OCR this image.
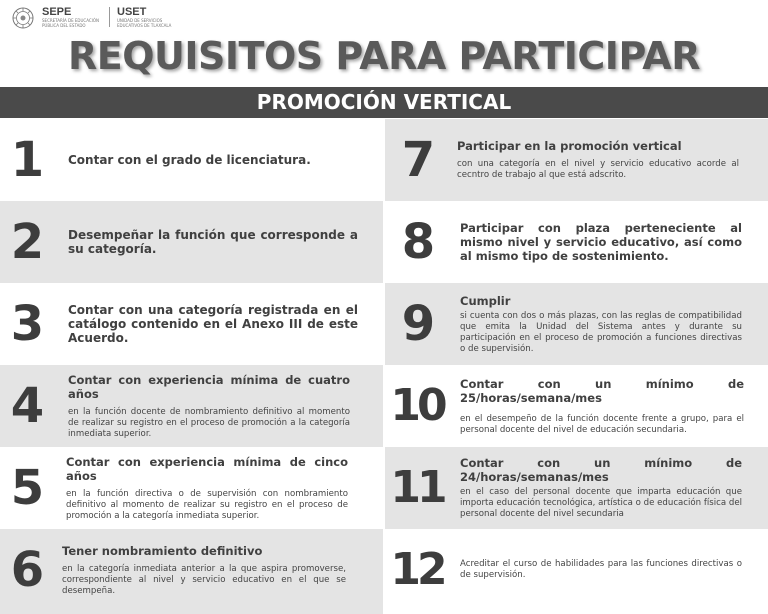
SEPE
SECRETARÍA DE EDUCACIÓN PÚBLICA DEL ESTADO
USET
UNIDAD DE SERVICIOS EDUCATIVOS DE TLAXCALA
REQUISITOS PARA PARTICIPAR
PROMOCIÓN VERTICAL
1	Contar con el grado de licenciatura.
2	Desempeñar la función que corresponde a su categoría.
3	Contar con una categoría registrada en el catálogo contenido en el Anexo III de este Acuerdo.
4	Contar con experiencia mínima de cuatro años
en la función docente de nombramiento definitivo al momento de realizar su registro en el proceso de promoción a la categoría inmediata superior.
5	Contar con experiencia mínima de cinco años
en la función directiva o de supervisión con nombramiento definitivo al momento de realizar su registro en el proceso de promoción a la categoría inmediata superior.
6	Tener nombramiento definitivo
en la categoría inmediata anterior a la que aspira promoverse, correspondiente al nivel y servicio educativo en el que se desempeña.
7	Participar en la promoción vertical
con una categoría en el nivel y servicio educativo acorde al cecntro de trabajo al que está adscrito.
8	Participar con plaza perteneciente al mismo nivel y servicio educativo, así como al mismo tipo de sostenimiento.
9	Cumplir
si cuenta con dos o más plazas, con las reglas de compatibilidad que emita la Unidad del Sistema antes y durante su participación en el proceso de promoción a funciones directivas o de supervisión.
10 Contar con un mínimo de 25/horas/semana/mes
en el desempeño de la función docente frente a grupo, para el personal docente del nivel de educación secundaria.
11 Contar con un mínimo de 24/horas/semanas/mes
en el caso del personal docente que imparta educación que importa educación tecnológica, artística o de educación física del personal docente del nivel secundaria
12	Acreditar el curso de habilidades para las funciones directivas o de supervisión.
